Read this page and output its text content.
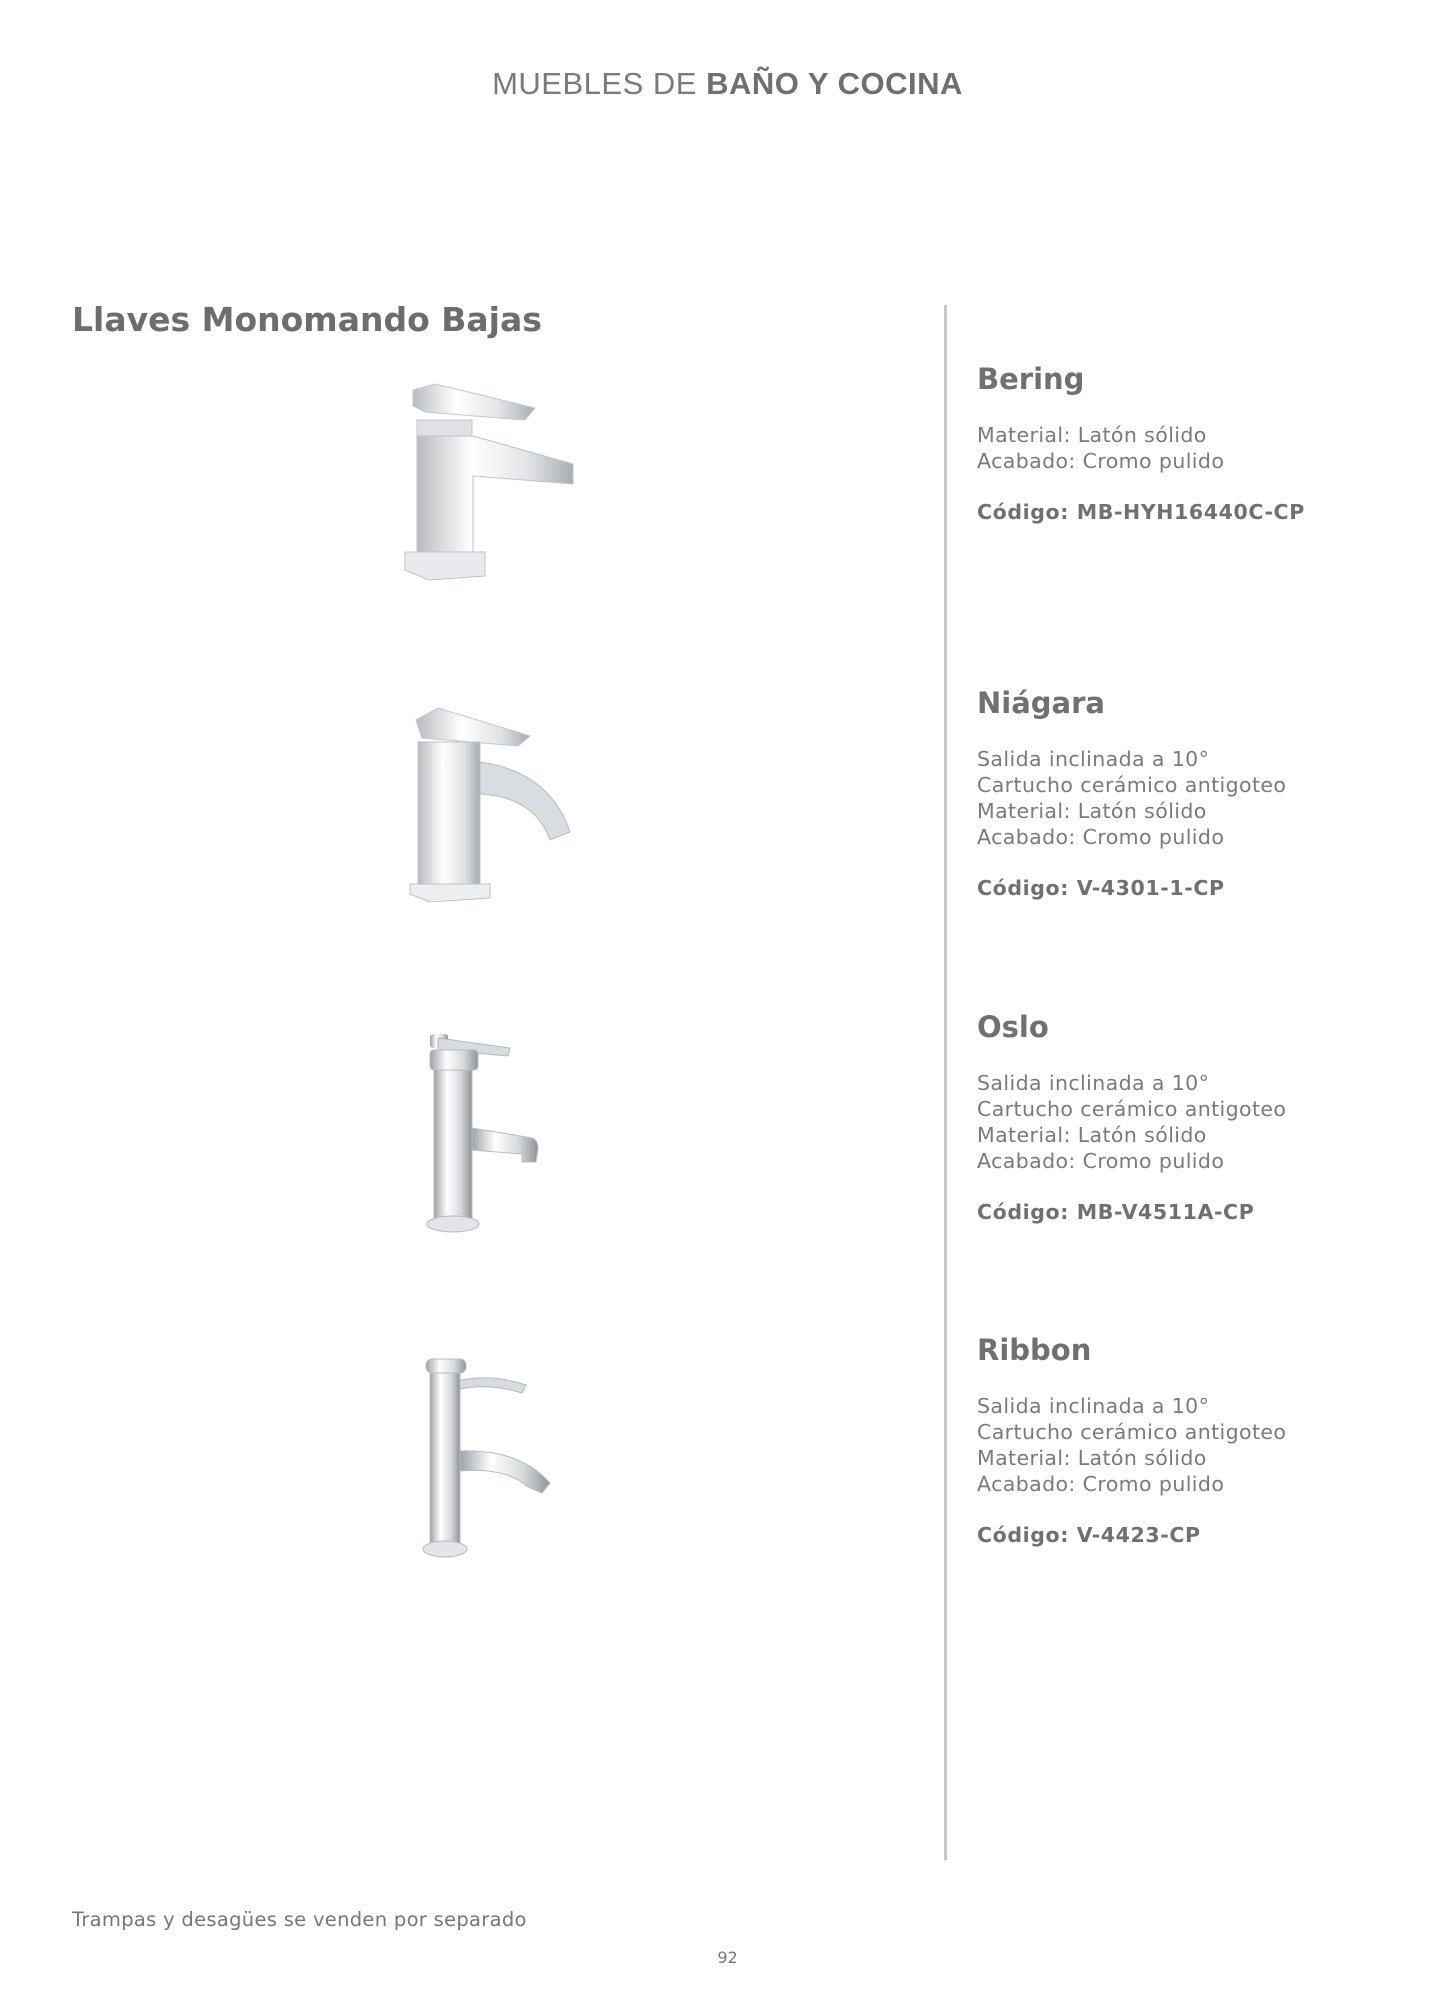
MUEBLES DE BAÑO Y COCINA
Llaves Monomando Bajas
Bering
Material: Latón sólido
Acabado: Cromo pulido
Código: MB-HYH16440C-CP
Niágara
Salida inclinada a 10°
Cartucho cerámico antigoteo
Material: Latón sólido
Acabado: Cromo pulido
Código: V-4301-1-CP
Oslo
Salida inclinada a 10°
Cartucho cerámico antigoteo
Material: Latón sólido
Acabado: Cromo pulido
Código: MB-V4511A-CP
Ribbon
Salida inclinada a 10°
Cartucho cerámico antigoteo
Material: Latón sólido
Acabado: Cromo pulido
Código: V-4423-CP
Trampas y desagües se venden por separado
92
